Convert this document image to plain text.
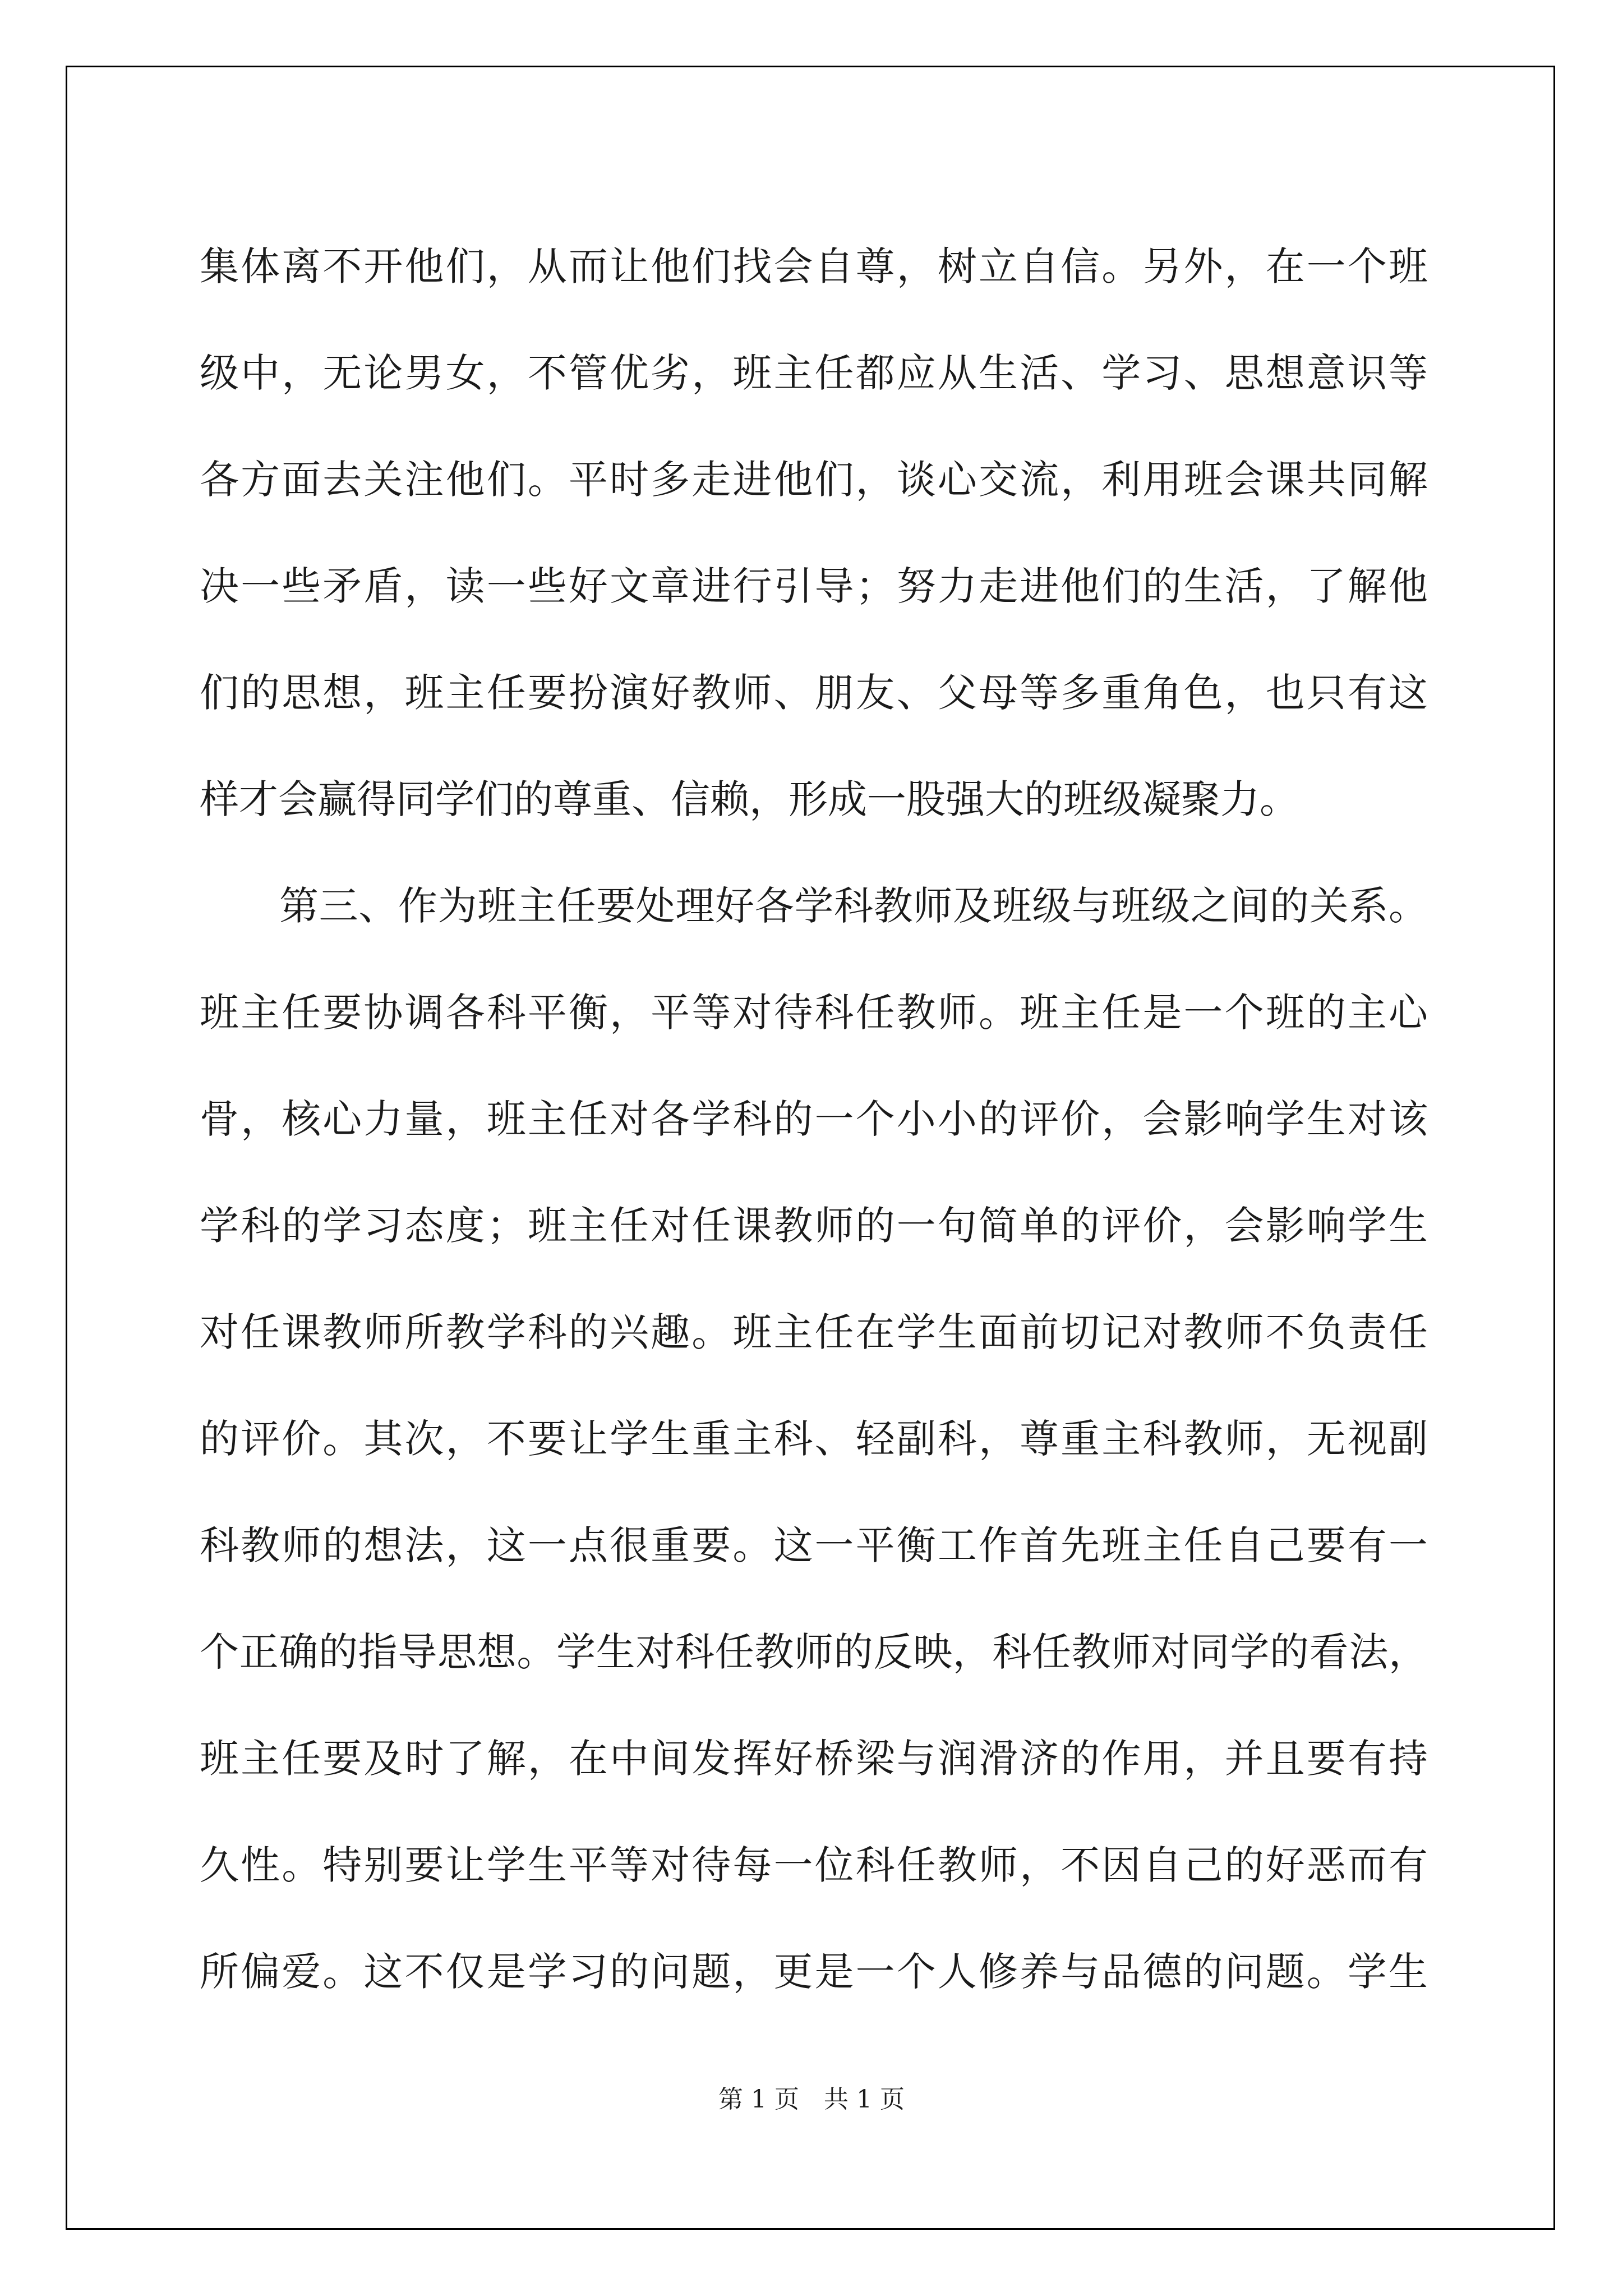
集体离不开他们，从而让他们找会自尊，树立自信。另外，在一个班
级中，无论男女，不管优劣，班主任都应从生活、学习、思想意识等
各方面去关注他们。平时多走进他们，谈心交流，利用班会课共同解
决一些矛盾，读一些好文章进行引导；努力走进他们的生活，了解他
们的思想，班主任要扮演好教师、朋友、父母等多重角色，也只有这
样才会赢得同学们的尊重、信赖，形成一股强大的班级凝聚力。
第三、作为班主任要处理好各学科教师及班级与班级之间的关系。
班主任要协调各科平衡，平等对待科任教师。班主任是一个班的主心
骨，核心力量，班主任对各学科的一个小小的评价，会影响学生对该
学科的学习态度；班主任对任课教师的一句简单的评价，会影响学生
对任课教师所教学科的兴趣。班主任在学生面前切记对教师不负责任
的评价。其次，不要让学生重主科、轻副科，尊重主科教师，无视副
科教师的想法，这一点很重要。这一平衡工作首先班主任自己要有一
个正确的指导思想。学生对科任教师的反映，科任教师对同学的看法，
班主任要及时了解，在中间发挥好桥梁与润滑济的作用，并且要有持
久性。特别要让学生平等对待每一位科任教师，不因自己的好恶而有
所偏爱。这不仅是学习的问题，更是一个人修养与品德的问题。学生
第 1 页　共 1 页
